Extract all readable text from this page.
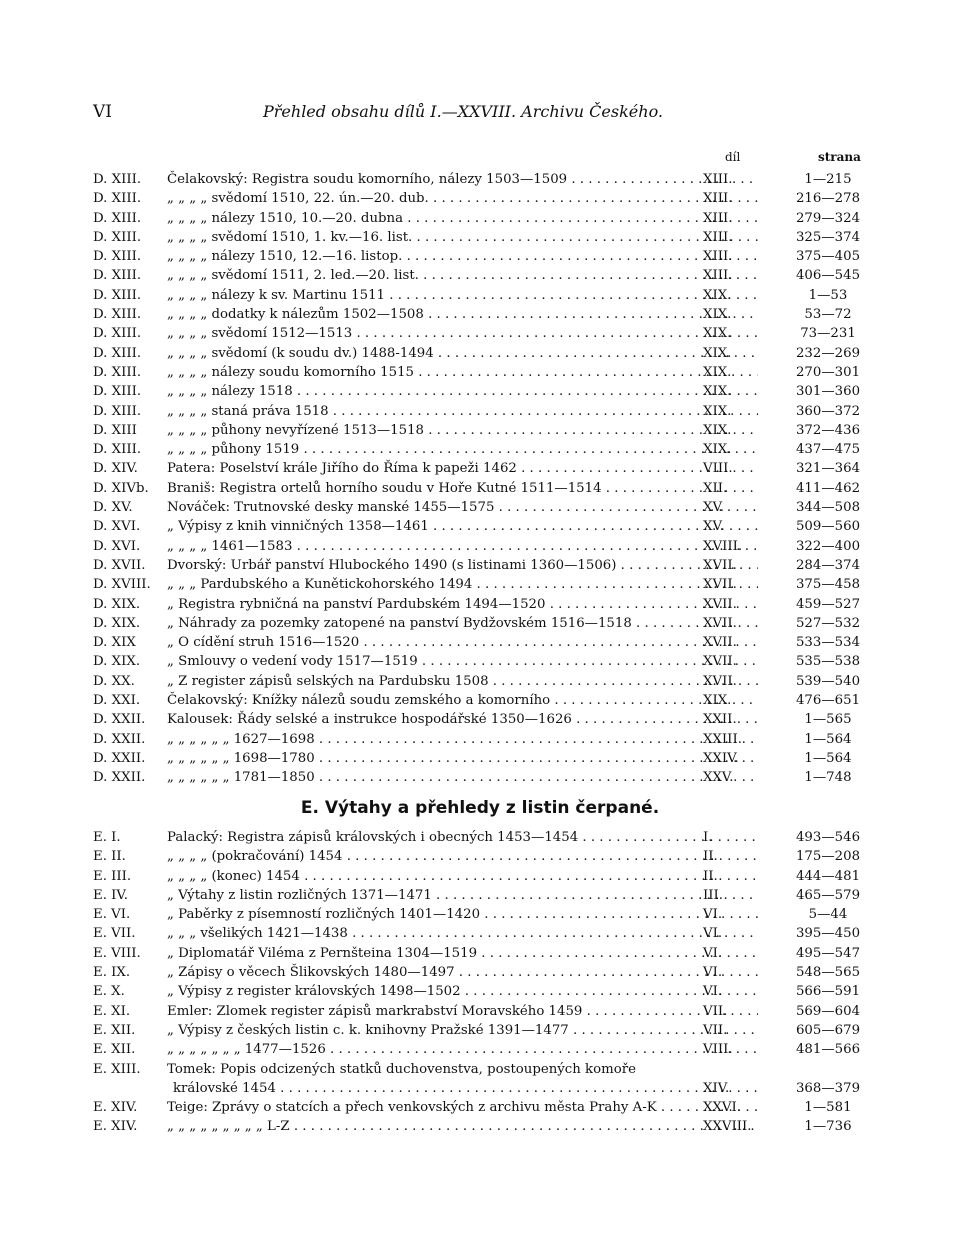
VI	Přehled obsahu dílů I.—XXVIII. Archivu Českého.
díl	strana
D. XIII. Čelakovský: Registra soudu komorního, nálezy 1503—1509 . . .	XIII.	1—215
D. XIII. „ „ „ „ svědomí 1510, 22. ún.—20. dub. . . .	XIII.	216—278
D. XIII. „ „ „ „ nálezy 1510, 10.—20. dubna . . .	XIII.	279—324
D. XIII. „ „ „ „ svědomí 1510, 1. kv.—16. list. . . .	XIII.	325—374
D. XIII. „ „ „ „ nálezy 1510, 12.—16. listop. . . .	XIII.	375—405
D. XIII. „ „ „ „ svědomí 1511, 2. led.—20. list. . . .	XIII.	406—545
D. XIII. „ „ „ „ nálezy k sv. Martinu 1511 . . .	XIX.	1—53
D. XIII. „ „ „ „ dodatky k nálezům 1502—1508 . . .	XIX.	53—72
D. XIII. „ „ „ „ svědomí 1512—1513 . . .	XIX.	73—231
D. XIII. „ „ „ „ svědomí (k soudu dv.) 1488-1494 . . .	XIX.	232—269
D. XIII. „ „ „ „ nálezy soudu komorního 1515 . . .	XIX.	270—301
D. XIII. „ „ „ „ nálezy 1518 . . .	XIX.	301—360
D. XIII. „ „ „ „ staná práva 1518 . . .	XIX.	360—372
D. XIII „ „ „ „ půhony nevyřízené 1513—1518 . . .	XIX.	372—436
D. XIII. „ „ „ „ půhony 1519 . . .	XIX.	437—475
D. XIV. Patera: Poselství krále Jiřího do Říma k papeži 1462 . . .	VIII.	321—364
D. XIVb. Braniš: Registra ortelů horního soudu v Hoře Kutné 1511—1514 . . .	XII.	411—462
D. XV.	Nováček: Trutnovské desky manské 1455—1575 . . .	XV.	344—508
D. XVI. „ Výpisy z knih vinničných 1358—1461 . . .	XV.	509—560
D. XVI. „ „ „ „ 1461—1583 . . .	XVIII.	322—400
D. XVII. Dvorský: Urbář panství Hlubockého 1490 (s listinami 1360—1506) . . .	XVII.	284—374
D. XVIII. „ „ „ Pardubského a Kunětickohorského 1494 . . .	XVII.	375—458
D. XIX. „ Registra rybničná na panství Pardubském 1494—1520 . . .	XVII.	459—527
D. XIX. „ Náhrady za pozemky zatopené na panství Bydžovském 1516—1518 . . .	XVII.	527—532
D. XIX „ O cídění struh 1516—1520 . . .	XVII.	533—534
D. XIX. „ Smlouvy o vedení vody 1517—1519 . . .	XVII.	535—538
D. XX. „ Z register zápisů selských na Pardubsku 1508 . . .	XVII.	539—540
D. XXI. Čelakovský: Knížky nálezů soudu zemského a komorního . . .	XIX.	476—651
D. XXII. Kalousek: Řády selské a instrukce hospodářské 1350—1626 . . .	XXII.	1—565
D. XXII. „ „ „ „ „ „ 1627—1698 . . .	XXIII.	1—564
D. XXII. „ „ „ „ „ „ 1698—1780 . . .	XXIV.	1—564
D. XXII. „ „ „ „ „ „ 1781—1850 . . .	XXV.	1—748
E. Výtahy a přehledy z listin čerpané.
E. I.	Palacký: Registra zápisů královských i obecných 1453—1454 . . .	I.	493—546
E. II.	„ „ „ „ (pokračování) 1454 . . .	II.	175—208
E. III.	„ „ „ „ (konec) 1454 . . .	II.	444—481
E. IV.	„ Výtahy z listin rozličných 1371—1471 . . .	III.	465—579
E. VI.	„ Paběrky z písemností rozličných 1401—1420 . . .	VI.	5—44
E. VII. „ „ „ všelikých 1421—1438 . . .	VI.	395—450
E. VIII. „ Diplomatář Viléma z Pernšteina 1304—1519 . . .	VI.	495—547
E. IX.	„ Zápisy o věcech Šlikovských 1480—1497 . . .	VI.	548—565
E. X.	„ Výpisy z register královských 1498—1502 . . .	VI.	566—591
E. XI.	Emler: Zlomek register zápisů markrabství Moravského 1459 . . .	VII.	569—604
E. XII. „ Výpisy z českých listin c. k. knihovny Pražské 1391—1477 . . .	VII.	605—679
E. XII. „ „ „ „ „ „ „ 1477—1526 . . .	VIII.	481—566
E. XIII. Tomek: Popis odcizených statků duchovenstva, postoupených komoře
královské 1454 . . .	XIV.	368—379
E. XIV. Teige: Zprávy o statcích a přech venkovských z archivu města Prahy A-K . . .	XXVI.	1—581
E. XIV. „ „ „ „ „ „ „ „ „ L-Z . . .	XXVIII.	1—736
